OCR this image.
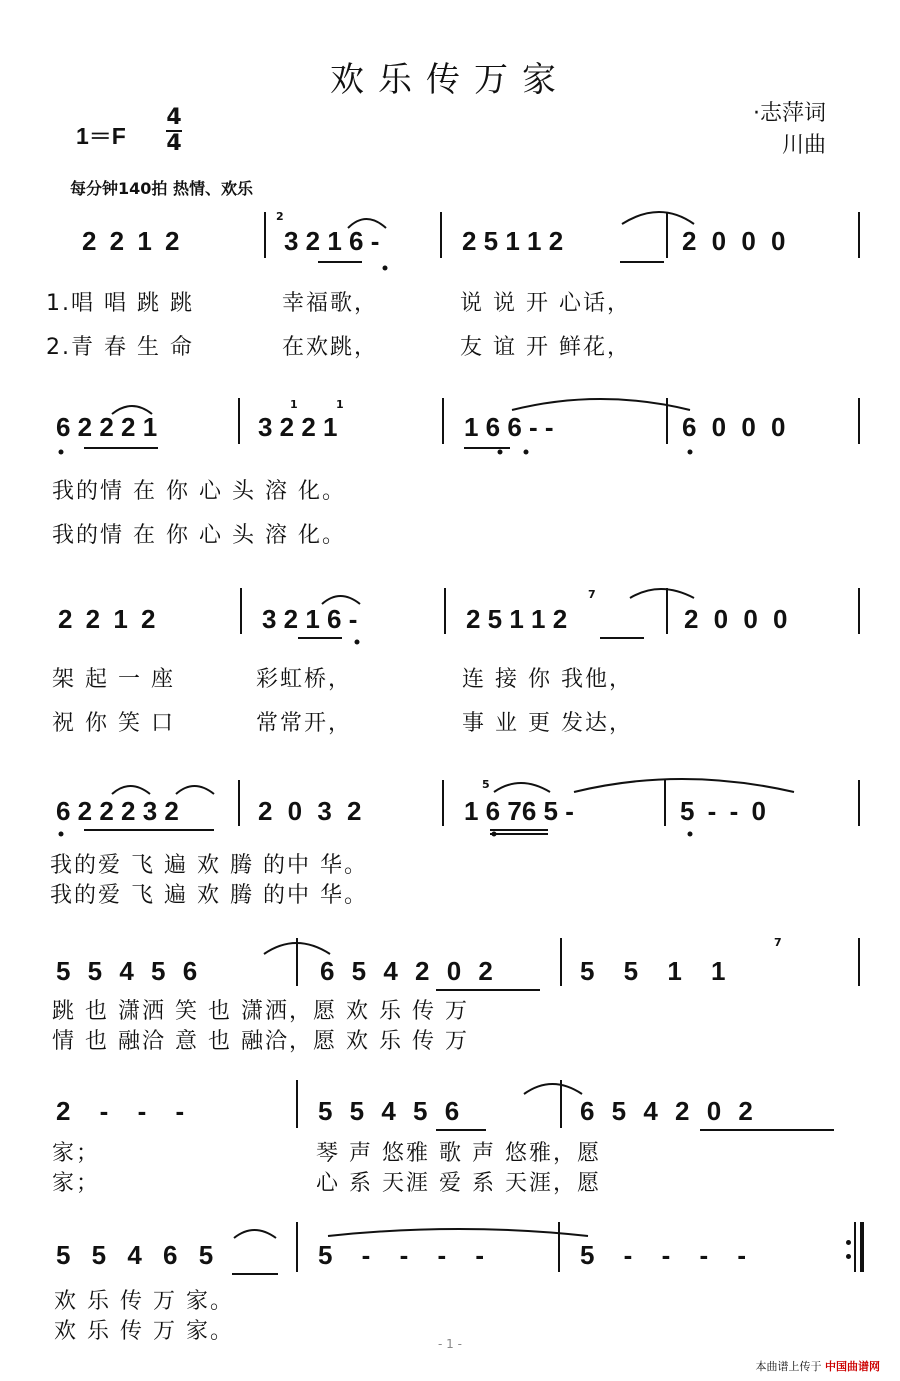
欢乐传万家
1＝F
4
4
·志萍词
川曲
每分钟140拍 热情、欢乐
2 2 1 2	3 2 1 6 -	2 5 1 1 2	2 0 0 0
2
1.唱 唱 跳 跳	幸福歌，	说 说 开 心话，
2.青 春 生 命	在欢跳，	友 谊 开 鲜花，
6 2 2 2 1	3 2 2 1	1 6 6 - -	6 0 0 0
1	1
我的情 在 你 心 头 溶 化。
我的情 在 你 心 头 溶 化。
2 2 1 2	3 2 1 6 -	2 5 1 1 2	2 0 0 0
7
架 起 一 座	彩虹桥，	连 接 你 我他，
祝 你 笑 口	常常开，	事 业 更 发达，
6 2 2 2 3 2	2 0 3 2	1 6 76 5 -	5 - - 0
5
我的爱 飞 遍 欢 腾 的中 华。
我的爱 飞 遍 欢 腾 的中 华。
5 5 4 5 6	6 5 4 2 0 2	5 5 1 1
7
跳 也 潇洒 笑 也 潇洒，愿 欢 乐 传 万
情 也 融洽 意 也 融洽，愿 欢 乐 传 万
2 - - -	5 5 4 5 6	6 5 4 2 0 2
家；	琴 声 悠雅 歌 声 悠雅，愿
家；	心 系 天涯 爱 系 天涯，愿
5 5 4 6 5	5 - - - -	5 - - - -
欢 乐 传 万 家。
欢 乐 传 万 家。	- 1 -
本曲谱上传于 中国曲谱网
